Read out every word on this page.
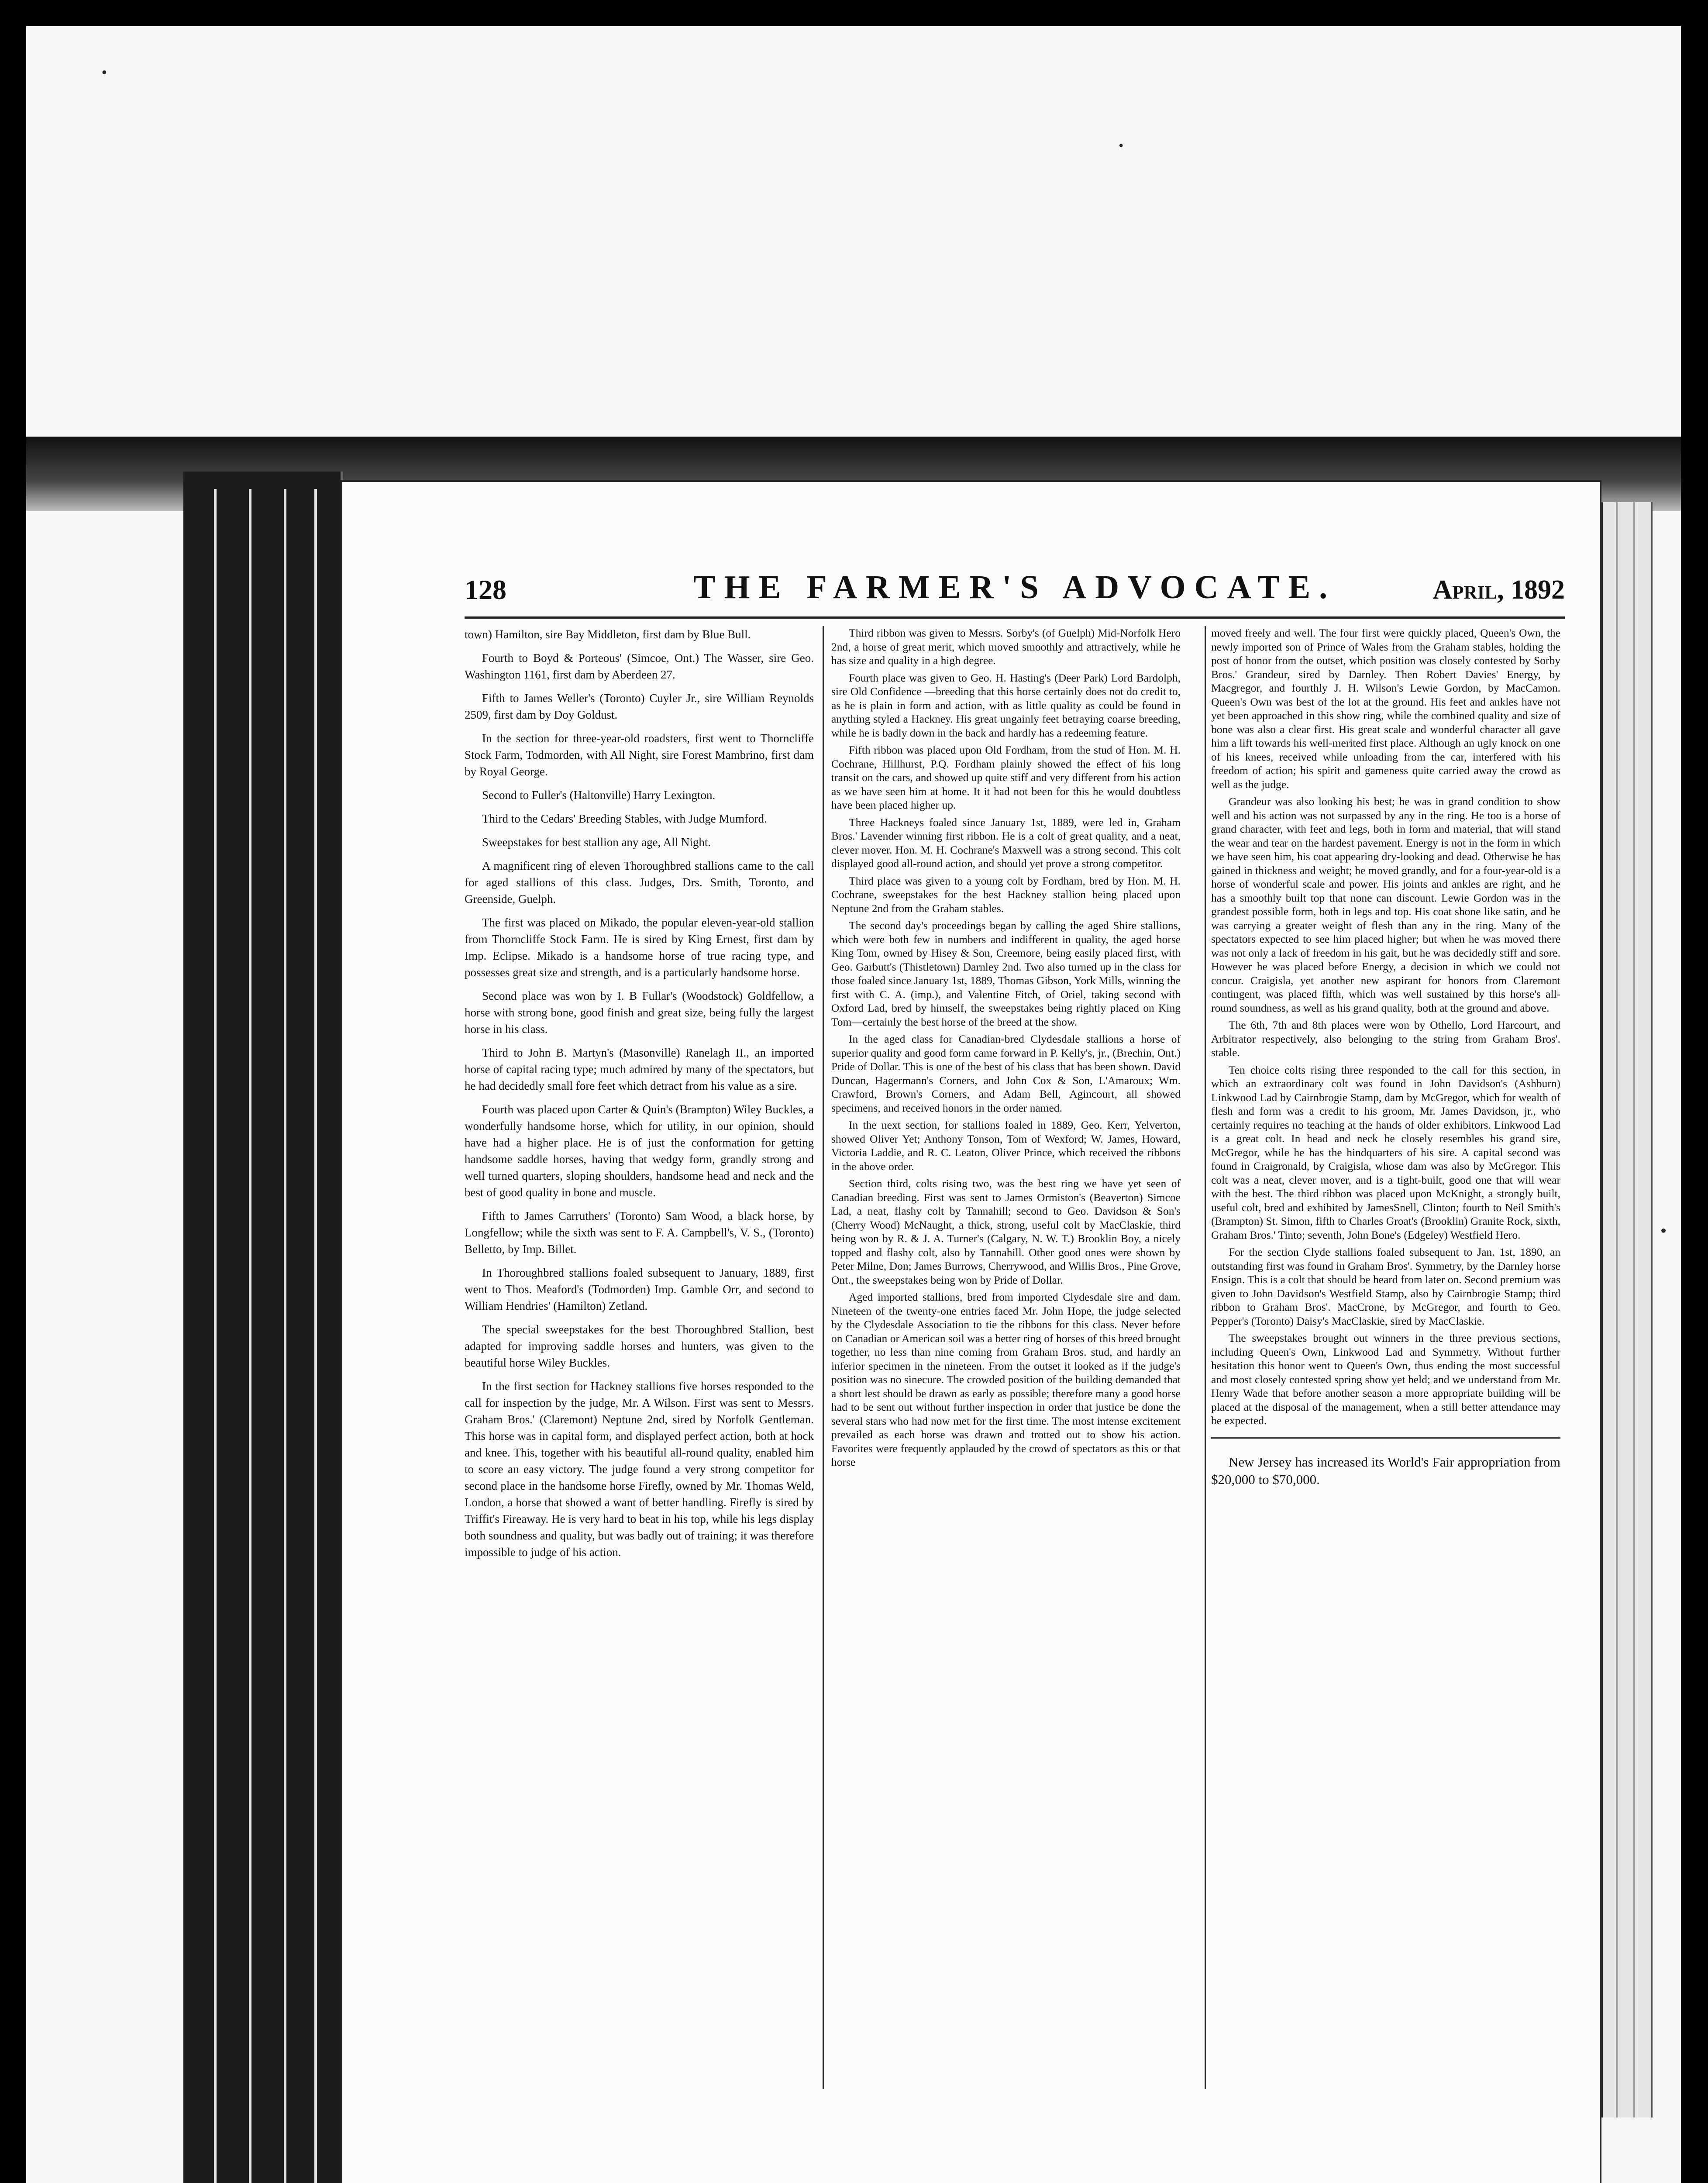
•
•
•
128	THE FARMER'S ADVOCATE.	April, 1892

town) Hamilton, sire Bay Middleton, first dam by Blue Bull.

Fourth to Boyd & Porteous' (Simcoe, Ont.) The Wasser, sire Geo. Washington 1161, first dam by Aberdeen 27.

Fifth to James Weller's (Toronto) Cuyler Jr., sire William Reynolds 2509, first dam by Doy Goldust.

In the section for three-year-old roadsters, first went to Thorncliffe Stock Farm, Todmorden, with All Night, sire Forest Mambrino, first dam by Royal George.

Second to Fuller's (Haltonville) Harry Lexington.

Third to the Cedars' Breeding Stables, with Judge Mumford.

Sweepstakes for best stallion any age, All Night.

A magnificent ring of eleven Thoroughbred stallions came to the call for aged stallions of this class. Judges, Drs. Smith, Toronto, and Greenside, Guelph.

The first was placed on Mikado, the popular eleven-year-old stallion from Thorncliffe Stock Farm. He is sired by King Ernest, first dam by Imp. Eclipse. Mikado is a handsome horse of true racing type, and possesses great size and strength, and is a particularly handsome horse.

Second place was won by I. B Fullar's (Woodstock) Goldfellow, a horse with strong bone, good finish and great size, being fully the largest horse in his class.

Third to John B. Martyn's (Masonville) Ranelagh II., an imported horse of capital racing type; much admired by many of the spectators, but he had decidedly small fore feet which detract from his value as a sire.

Fourth was placed upon Carter & Quin's (Brampton) Wiley Buckles, a wonderfully handsome horse, which for utility, in our opinion, should have had a higher place. He is of just the conformation for getting handsome saddle horses, having that wedgy form, grandly strong and well turned quarters, sloping shoulders, handsome head and neck and the best of good quality in bone and muscle.

Fifth to James Carruthers' (Toronto) Sam Wood, a black horse, by Longfellow; while the sixth was sent to F. A. Campbell's, V. S., (Toronto) Belletto, by Imp. Billet.

In Thoroughbred stallions foaled subsequent to January, 1889, first went to Thos. Meaford's (Todmorden) Imp. Gamble Orr, and second to William Hendries' (Hamilton) Zetland.

The special sweepstakes for the best Thoroughbred Stallion, best adapted for improving saddle horses and hunters, was given to the beautiful horse Wiley Buckles.

In the first section for Hackney stallions five horses responded to the call for inspection by the judge, Mr. A Wilson. First was sent to Messrs. Graham Bros.' (Claremont) Neptune 2nd, sired by Norfolk Gentleman. This horse was in capital form, and displayed perfect action, both at hock and knee. This, together with his beautiful all-round quality, enabled him to score an easy victory. The judge found a very strong competitor for second place in the handsome horse Firefly, owned by Mr. Thomas Weld, London, a horse that showed a want of better handling. Firefly is sired by Triffit's Fireaway. He is very hard to beat in his top, while his legs display both soundness and quality, but was badly out of training; it was therefore impossible to judge of his action.

Third ribbon was given to Messrs. Sorby's (of Guelph) Mid-Norfolk Hero 2nd, a horse of great merit, which moved smoothly and attractively, while he has size and quality in a high degree.

Fourth place was given to Geo. H. Hasting's (Deer Park) Lord Bardolph, sire Old Confidence —breeding that this horse certainly does not do credit to, as he is plain in form and action, with as little quality as could be found in anything styled a Hackney. His great ungainly feet betraying coarse breeding, while he is badly down in the back and hardly has a redeeming feature.

Fifth ribbon was placed upon Old Fordham, from the stud of Hon. M. H. Cochrane, Hillhurst, P.Q. Fordham plainly showed the effect of his long transit on the cars, and showed up quite stiff and very different from his action as we have seen him at home. It it had not been for this he would doubtless have been placed higher up.

Three Hackneys foaled since January 1st, 1889, were led in, Graham Bros.' Lavender winning first ribbon. He is a colt of great quality, and a neat, clever mover. Hon. M. H. Cochrane's Maxwell was a strong second. This colt displayed good all-round action, and should yet prove a strong competitor.

Third place was given to a young colt by Fordham, bred by Hon. M. H. Cochrane, sweepstakes for the best Hackney stallion being placed upon Neptune 2nd from the Graham stables.

The second day's proceedings began by calling the aged Shire stallions, which were both few in numbers and indifferent in quality, the aged horse King Tom, owned by Hisey & Son, Creemore, being easily placed first, with Geo. Garbutt's (Thistletown) Darnley 2nd. Two also turned up in the class for those foaled since January 1st, 1889, Thomas Gibson, York Mills, winning the first with C. A. (imp.), and Valentine Fitch, of Oriel, taking second with Oxford Lad, bred by himself, the sweepstakes being rightly placed on King Tom—certainly the best horse of the breed at the show.

In the aged class for Canadian-bred Clydesdale stallions a horse of superior quality and good form came forward in P. Kelly's, jr., (Brechin, Ont.) Pride of Dollar. This is one of the best of his class that has been shown. David Duncan, Hagermann's Corners, and John Cox & Son, L'Amaroux; Wm. Crawford, Brown's Corners, and Adam Bell, Agincourt, all showed specimens, and received honors in the order named.

In the next section, for stallions foaled in 1889, Geo. Kerr, Yelverton, showed Oliver Yet; Anthony Tonson, Tom of Wexford; W. James, Howard, Victoria Laddie, and R. C. Leaton, Oliver Prince, which received the ribbons in the above order.

Section third, colts rising two, was the best ring we have yet seen of Canadian breeding. First was sent to James Ormiston's (Beaverton) Simcoe Lad, a neat, flashy colt by Tannahill; second to Geo. Davidson & Son's (Cherry Wood) McNaught, a thick, strong, useful colt by MacClaskie, third being won by R. & J. A. Turner's (Calgary, N. W. T.) Brooklin Boy, a nicely topped and flashy colt, also by Tannahill. Other good ones were shown by Peter Milne, Don; James Burrows, Cherrywood, and Willis Bros., Pine Grove, Ont., the sweepstakes being won by Pride of Dollar.

Aged imported stallions, bred from imported Clydesdale sire and dam. Nineteen of the twenty-one entries faced Mr. John Hope, the judge selected by the Clydesdale Association to tie the ribbons for this class. Never before on Canadian or American soil was a better ring of horses of this breed brought together, no less than nine coming from Graham Bros. stud, and hardly an inferior specimen in the nineteen. From the outset it looked as if the judge's position was no sinecure. The crowded position of the building demanded that a short lest should be drawn as early as possible; therefore many a good horse had to be sent out without further inspection in order that justice be done the several stars who had now met for the first time. The most intense excitement prevailed as each horse was drawn and trotted out to show his action. Favorites were frequently applauded by the crowd of spectators as this or that horse

moved freely and well. The four first were quickly placed, Queen's Own, the newly imported son of Prince of Wales from the Graham stables, holding the post of honor from the outset, which position was closely contested by Sorby Bros.' Grandeur, sired by Darnley. Then Robert Davies' Energy, by Macgregor, and fourthly J. H. Wilson's Lewie Gordon, by MacCamon. Queen's Own was best of the lot at the ground. His feet and ankles have not yet been approached in this show ring, while the combined quality and size of bone was also a clear first. His great scale and wonderful character all gave him a lift towards his well-merited first place. Although an ugly knock on one of his knees, received while unloading from the car, interfered with his freedom of action; his spirit and gameness quite carried away the crowd as well as the judge.

Grandeur was also looking his best; he was in grand condition to show well and his action was not surpassed by any in the ring. He too is a horse of grand character, with feet and legs, both in form and material, that will stand the wear and tear on the hardest pavement. Energy is not in the form in which we have seen him, his coat appearing dry-looking and dead. Otherwise he has gained in thickness and weight; he moved grandly, and for a four-year-old is a horse of wonderful scale and power. His joints and ankles are right, and he has a smoothly built top that none can discount. Lewie Gordon was in the grandest possible form, both in legs and top. His coat shone like satin, and he was carrying a greater weight of flesh than any in the ring. Many of the spectators expected to see him placed higher; but when he was moved there was not only a lack of freedom in his gait, but he was decidedly stiff and sore. However he was placed before Energy, a decision in which we could not concur. Craigisla, yet another new aspirant for honors from Claremont contingent, was placed fifth, which was well sustained by this horse's all-round soundness, as well as his grand quality, both at the ground and above.

The 6th, 7th and 8th places were won by Othello, Lord Harcourt, and Arbitrator respectively, also belonging to the string from Graham Bros'. stable.

Ten choice colts rising three responded to the call for this section, in which an extraordinary colt was found in John Davidson's (Ashburn) Linkwood Lad by Cairnbrogie Stamp, dam by McGregor, which for wealth of flesh and form was a credit to his groom, Mr. James Davidson, jr., who certainly requires no teaching at the hands of older exhibitors. Linkwood Lad is a great colt. In head and neck he closely resembles his grand sire, McGregor, while he has the hindquarters of his sire. A capital second was found in Craigronald, by Craigisla, whose dam was also by McGregor. This colt was a neat, clever mover, and is a tight-built, good one that will wear with the best. The third ribbon was placed upon McKnight, a strongly built, useful colt, bred and exhibited by JamesSnell, Clinton; fourth to Neil Smith's (Brampton) St. Simon, fifth to Charles Groat's (Brooklin) Granite Rock, sixth, Graham Bros.' Tinto; seventh, John Bone's (Edgeley) Westfield Hero.

For the section Clyde stallions foaled subsequent to Jan. 1st, 1890, an outstanding first was found in Graham Bros'. Symmetry, by the Darnley horse Ensign. This is a colt that should be heard from later on. Second premium was given to John Davidson's Westfield Stamp, also by Cairnbrogie Stamp; third ribbon to Graham Bros'. MacCrone, by McGregor, and fourth to Geo. Pepper's (Toronto) Daisy's MacClaskie, sired by MacClaskie.

The sweepstakes brought out winners in the three previous sections, including Queen's Own, Linkwood Lad and Symmetry. Without further hesitation this honor went to Queen's Own, thus ending the most successful and most closely contested spring show yet held; and we understand from Mr. Henry Wade that before another season a more appropriate building will be placed at the disposal of the management, when a still better attendance may be expected.

New Jersey has increased its World's Fair appropriation from $20,000 to $70,000.
